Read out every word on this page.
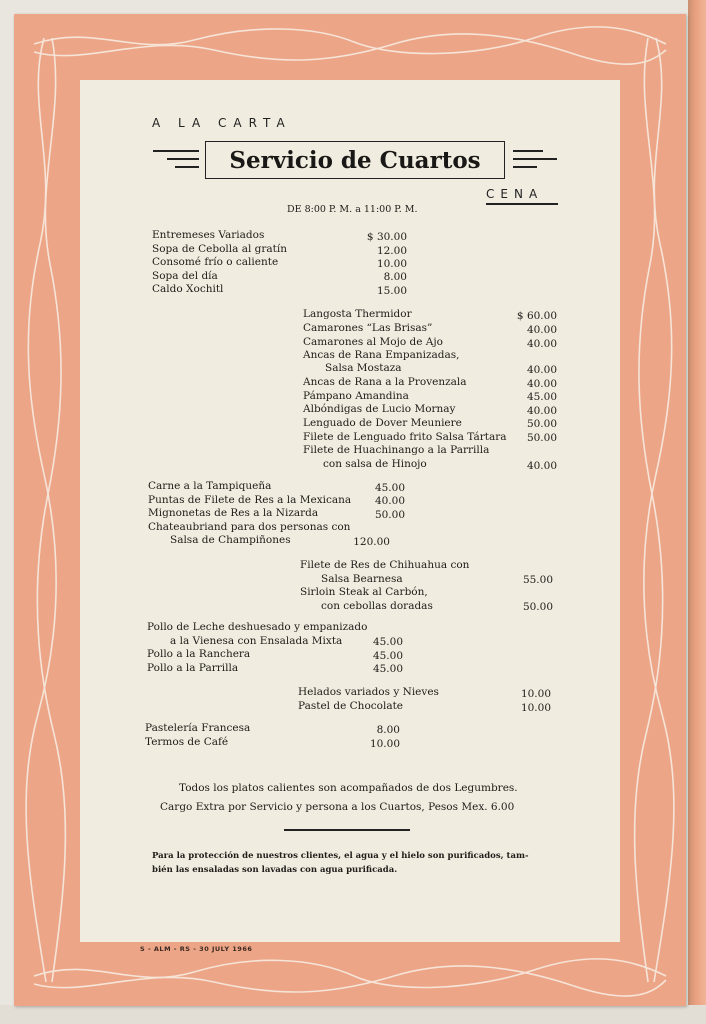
A LA CARTA
Servicio de Cuartos
CENA
DE 8:00 P. M. a 11:00 P. M.
Entremeses Variados	$ 30.00
Sopa de Cebolla al gratín	12.00
Consomé frío o caliente	10.00
Sopa del día	8.00
Caldo Xochitl	15.00
Langosta Thermidor	$ 60.00
Camarones “Las Brisas”	40.00
Camarones al Mojo de Ajo	40.00
Ancas de Rana Empanizadas,
Salsa Mostaza	40.00
Ancas de Rana a la Provenzala	40.00
Pámpano Amandina	45.00
Albóndigas de Lucio Mornay	40.00
Lenguado de Dover Meuniere	50.00
Filete de Lenguado frito Salsa Tártara	50.00
Filete de Huachinango a la Parrilla
con salsa de Hinojo	40.00
Carne a la Tampiqueña	45.00
Puntas de Filete de Res a la Mexicana	40.00
Mignonetas de Res a la Nizarda	50.00
Chateaubriand para dos personas con
Salsa de Champiñones	120.00
Filete de Res de Chihuahua con
Salsa Bearnesa	55.00
Sirloin Steak al Carbón,
con cebollas doradas	50.00
Pollo de Leche deshuesado y empanizado
a la Vienesa con Ensalada Mixta	45.00
Pollo a la Ranchera	45.00
Pollo a la Parrilla	45.00
Helados variados y Nieves	10.00
Pastel de Chocolate	10.00
Pastelería Francesa	8.00
Termos de Café	10.00
Todos los platos calientes son acompañados de dos Legumbres.
Cargo Extra por Servicio y persona a los Cuartos, Pesos Mex. 6.00
Para la protección de nuestros clientes, el agua y el hielo son purificados, tam-
bién las ensaladas son lavadas con agua purificada.
S - ALM - RS - 30 JULY 1966
